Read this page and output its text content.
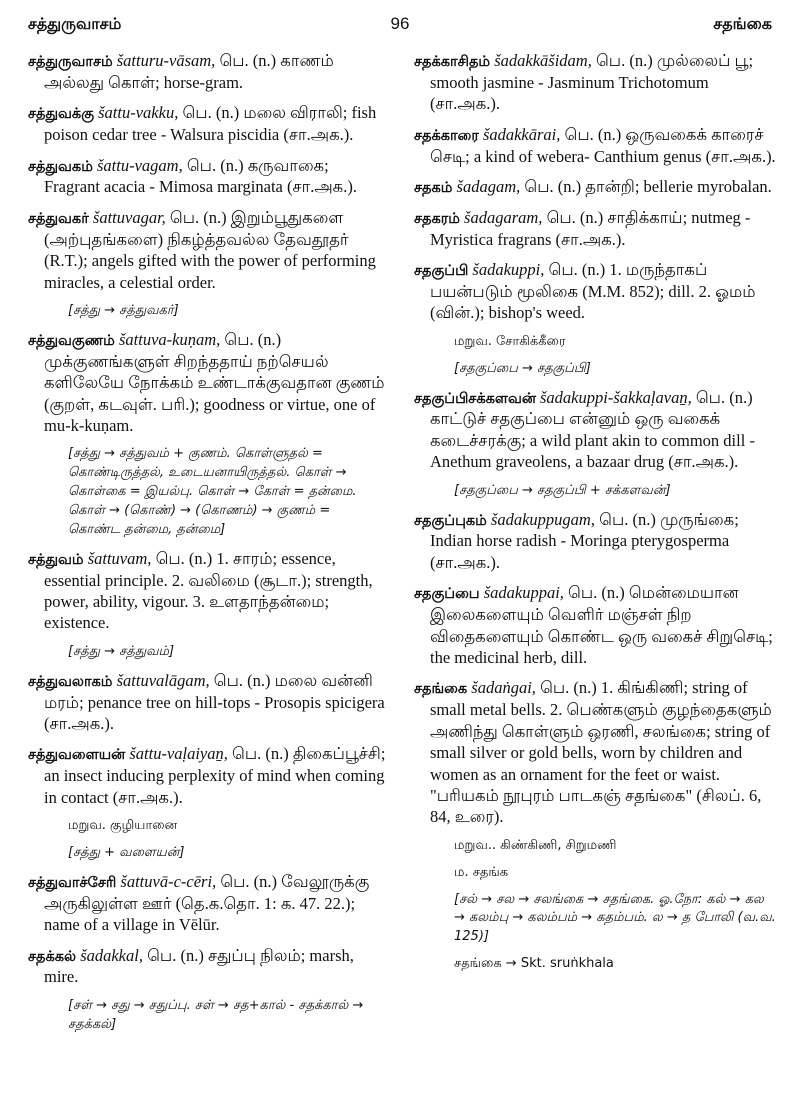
சத்துருவாசம்	96	சதங்கை

சத்துருவாசம் šatturu-vāsam, பெ. (n.) காணம் அல்லது கொள்; horse-gram.

சத்துவக்கு šattu-vakku, பெ. (n.) மலை விராலி; fish poison cedar tree - Walsura piscidia (சா.அக.).

சத்துவகம் šattu-vagam, பெ. (n.) கருவாகை; Fragrant acacia - Mimosa marginata (சா.அக.).

சத்துவகர் šattuvagar, பெ. (n.) இறும்பூதுகளை (அற்புதங்களை) நிகழ்த்தவல்ல தேவதூதர் (R.T.); angels gifted with the power of performing miracles, a celestial order.

[சத்து → சத்துவகர்]

சத்துவகுணம் šattuva-kuṇam, பெ. (n.) முக்குணங்களுள் சிறந்ததாய் நற்செயல் களிலேயே நோக்கம் உண்டாக்குவதான குணம் (குறள், கடவுள். பரி.); goodness or virtue, one of mu-k-kuṇam.

[சத்து → சத்துவம் + குணம். கொள்ளுதல் = கொண்டிருத்தல், உடையனாயிருத்தல். கொள் → கொள்கை = இயல்பு. கொள் → கோள் = தன்மை. கொள் → (கொண்) → (கொணம்) → குணம் = கொண்ட தன்மை, தன்மை]

சத்துவம் šattuvam, பெ. (n.) 1. சாரம்; essence, essential principle. 2. வலிமை (சூடா.); strength, power, ability, vigour. 3. உளதாந்தன்மை; existence.

[சத்து → சத்துவம்]

சத்துவலாகம் šattuvalāgam, பெ. (n.) மலை வன்னி மரம்; penance tree on hill-tops - Prosopis spicigera (சா.அக.).

சத்துவளையன் šattu-vaḷaiyaṉ, பெ. (n.) திகைப்பூச்சி; an insect inducing perplexity of mind when coming in contact (சா.அக.).

மறுவ. குழியானை
[சத்து + வளையன்]

சத்துவாச்சேரி šattuvā-c-cēri, பெ. (n.) வேலூருக்கு அருகிலுள்ள ஊர் (தெ.க.தொ. 1: க. 47. 22.); name of a village in Vēlūr.

சதக்கல் šadakkal, பெ. (n.) சதுப்பு நிலம்; marsh, mire.

[சள் → சது → சதுப்பு. சள் → சத+கால் - சதக்கால் → சதக்கல்]

சதக்காசிதம் šadakkāšidam, பெ. (n.) முல்லைப் பூ; smooth jasmine - Jasminum Trichotomum (சா.அக.).

சதக்காரை šadakkārai, பெ. (n.) ஒருவகைக் காரைச் செடி; a kind of webera- Canthium genus (சா.அக.).

சதகம் šadagam, பெ. (n.) தான்றி; bellerie myrobalan.

சதகரம் šadagaram, பெ. (n.) சாதிக்காய்; nutmeg - Myristica fragrans (சா.அக.).

சதகுப்பி šadakuppi, பெ. (n.) 1. மருந்தாகப் பயன்படும் மூலிகை (M.M. 852); dill. 2. ஓமம் (வின்.); bishop's weed.

மறுவ. சோகிக்கீரை
[சதகுப்பை → சதகுப்பி]

சதகுப்பிசக்களவன் šadakuppi-šakkaḷavaṉ, பெ. (n.) காட்டுச் சதகுப்பை என்னும் ஒரு வகைக் கடைச்சரக்கு; a wild plant akin to common dill - Anethum graveolens, a bazaar drug (சா.அக.).

[சதகுப்பை → சதகுப்பி + சக்களவன்]

சதகுப்புகம் šadakuppugam, பெ. (n.) முருங்கை; Indian horse radish - Moringa pterygosperma (சா.அக.).

சதகுப்பை šadakuppai, பெ. (n.) மென்மையான இலைகளையும் வெளிர் மஞ்சள் நிற விதைகளையும் கொண்ட ஒரு வகைச் சிறுசெடி; the medicinal herb, dill.

சதங்கை šadaṅgai, பெ. (n.) 1. கிங்கிணி; string of small metal bells. 2. பெண்களும் குழந்தைகளும் அணிந்து கொள்ளும் ஒரணி, சலங்கை; string of small silver or gold bells, worn by children and women as an ornament for the feet or waist. "பரியகம் நூபுரம் பாடகஞ் சதங்கை" (சிலப். 6, 84, உரை).

மறுவ.. கிண்கிணி, சிறுமணி
ம. சதங்க
[சல் → சல → சலங்கை → சதங்கை. ஓ.நோ: கல் → கல → கலம்பு → கலம்பம் → கதம்பம். ல → த போலி (வ.வ. 125)]
சதங்கை → Skt. sruṅkhala
